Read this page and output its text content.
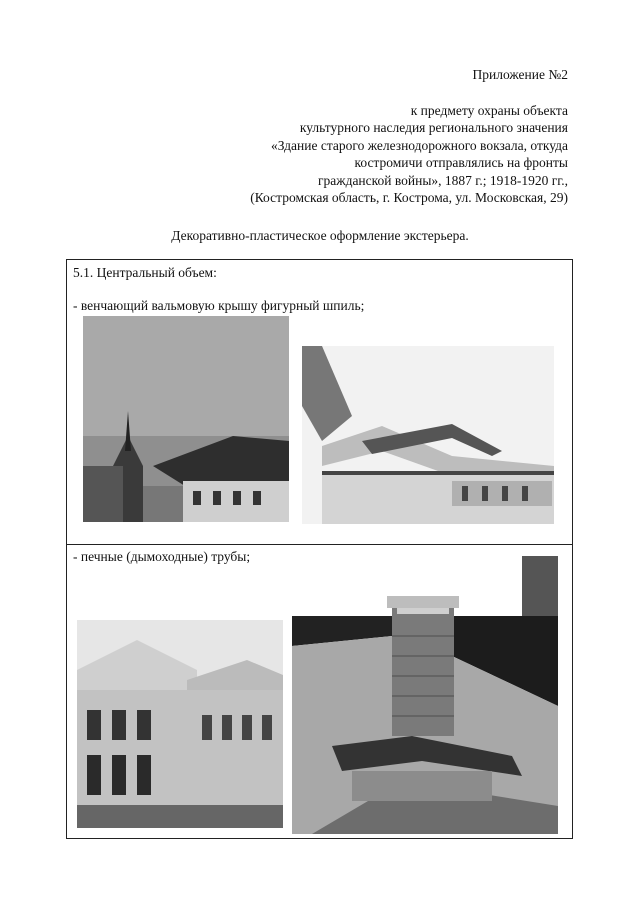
Приложение №2
к предмету охраны объекта
культурного наследия регионального значения
«Здание старого железнодорожного вокзала, откуда
костромичи отправлялись на фронты
гражданской войны», 1887 г.; 1918-1920 гг.,
(Костромская область, г. Кострома, ул. Московская, 29)
Декоративно-пластическое оформление экстерьера.
5.1. Центральный объем:
- венчающий вальмовую крышу фигурный шпиль;
- печные (дымоходные) трубы;
